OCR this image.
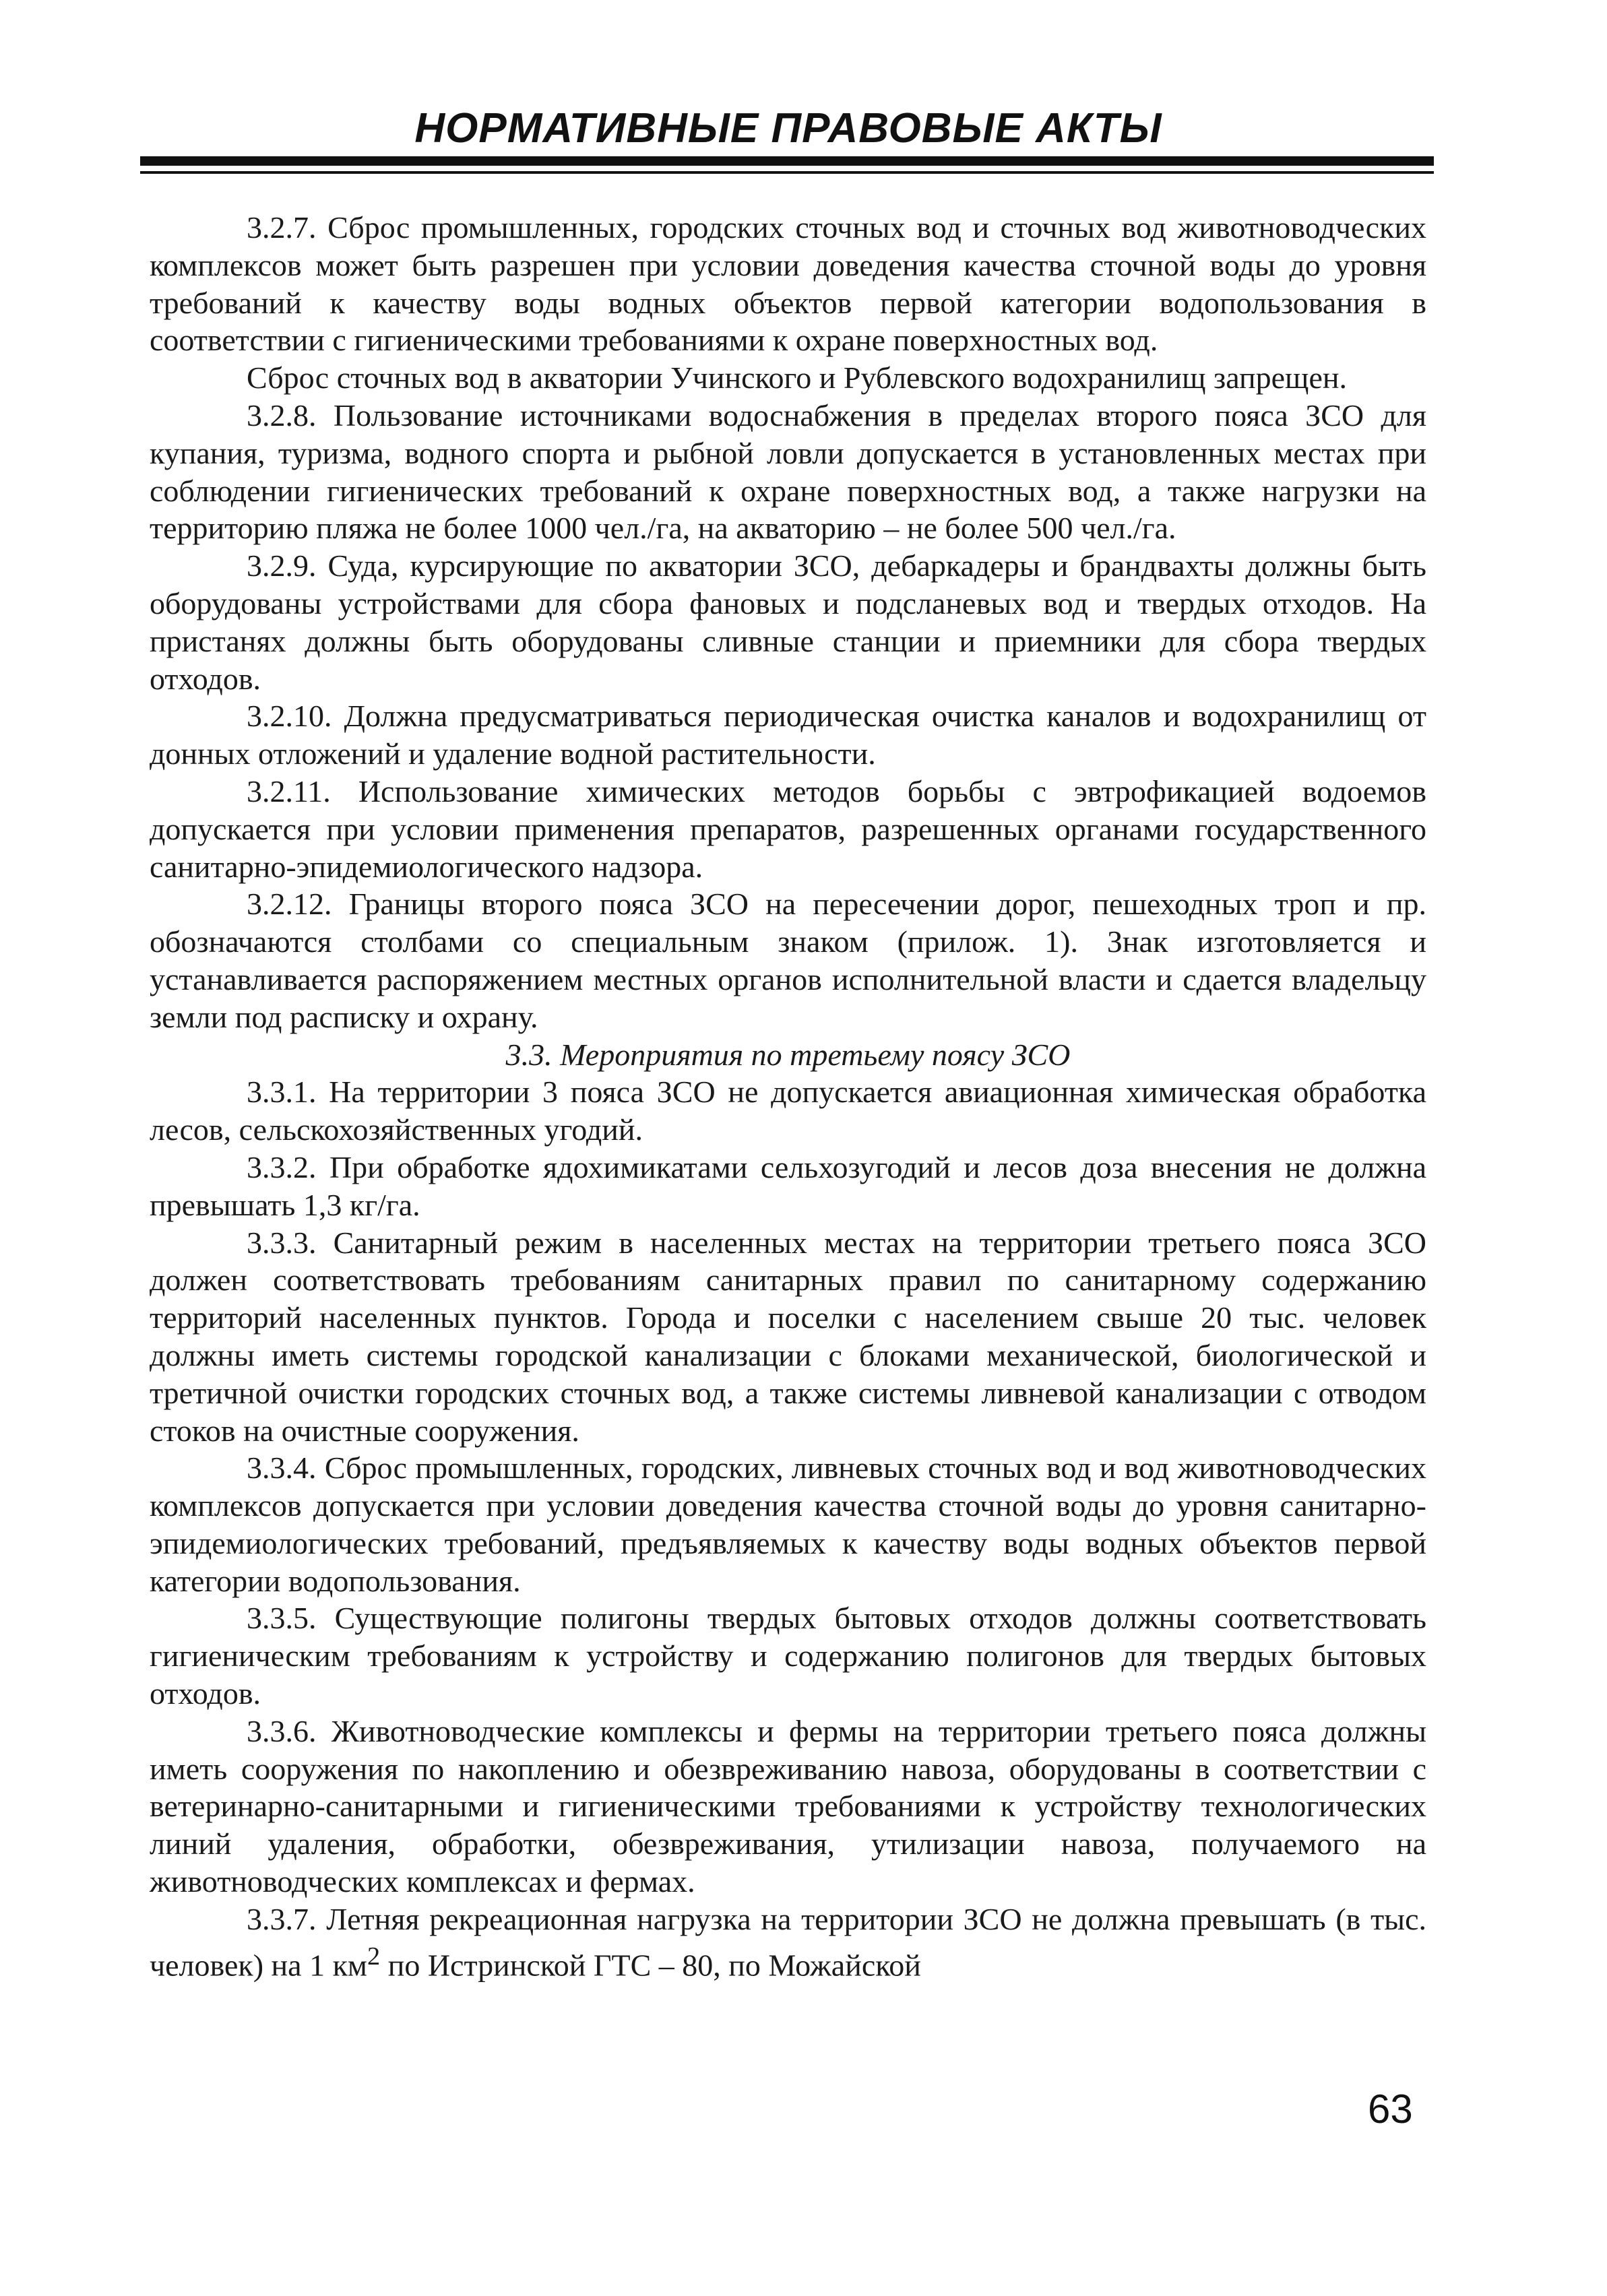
НОРМАТИВНЫЕ ПРАВОВЫЕ АКТЫ

3.2.7. Сброс промышленных, городских сточных вод и сточных вод животноводческих комплексов может быть разрешен при условии доведения качества сточной воды до уровня требований к качеству воды водных объектов первой категории водопользования в соответствии с гигиеническими требованиями к охране поверхностных вод.

Сброс сточных вод в акватории Учинского и Рублевского водохранилищ запрещен.

3.2.8. Пользование источниками водоснабжения в пределах второго пояса ЗСО для купания, туризма, водного спорта и рыбной ловли допускается в установленных местах при соблюдении гигиенических требований к охране поверхностных вод, а также нагрузки на территорию пляжа не более 1000 чел./га, на акваторию – не более 500 чел./га.

3.2.9. Суда, курсирующие по акватории ЗСО, дебаркадеры и брандвахты должны быть оборудованы устройствами для сбора фановых и подсланевых вод и твердых отходов. На пристанях должны быть оборудованы сливные станции и приемники для сбора твердых отходов.

3.2.10. Должна предусматриваться периодическая очистка каналов и водохранилищ от донных отложений и удаление водной растительности.

3.2.11. Использование химических методов борьбы с эвтрофикацией водоемов допускается при условии применения препаратов, разрешенных органами государственного санитарно-эпидемиологического надзора.

3.2.12. Границы второго пояса ЗСО на пересечении дорог, пешеходных троп и пр. обозначаются столбами со специальным знаком (прилож. 1). Знак изготовляется и устанавливается распоряжением местных органов исполнительной власти и сдается владельцу земли под расписку и охрану.

3.3. Мероприятия по третьему поясу ЗСО

3.3.1. На территории 3 пояса ЗСО не допускается авиационная химическая обработка лесов, сельскохозяйственных угодий.

3.3.2. При обработке ядохимикатами сельхозугодий и лесов доза внесения не должна превышать 1,3 кг/га.

3.3.3. Санитарный режим в населенных местах на территории третьего пояса ЗСО должен соответствовать требованиям санитарных правил по санитарному содержанию территорий населенных пунктов. Города и поселки с населением свыше 20 тыс. человек должны иметь системы городской канализации с блоками механической, биологической и третичной очистки городских сточных вод, а также системы ливневой канализации с отводом стоков на очистные сооружения.

3.3.4. Сброс промышленных, городских, ливневых сточных вод и вод животноводческих комплексов допускается при условии доведения качества сточной воды до уровня санитарно-эпидемиологических требований, предъявляемых к качеству воды водных объектов первой категории водопользования.

3.3.5. Существующие полигоны твердых бытовых отходов должны соответствовать гигиеническим требованиям к устройству и содержанию полигонов для твердых бытовых отходов.

3.3.6. Животноводческие комплексы и фермы на территории третьего пояса должны иметь сооружения по накоплению и обезвреживанию навоза, оборудованы в соответствии с ветеринарно-санитарными и гигиеническими требованиями к устройству технологических линий удаления, обработки, обезвреживания, утилизации навоза, получаемого на животноводческих комплексах и фермах.

3.3.7. Летняя рекреационная нагрузка на территории ЗСО не должна превышать (в тыс. человек) на 1 $км^2$ по Истринской ГТС – 80, по Можайской

63
